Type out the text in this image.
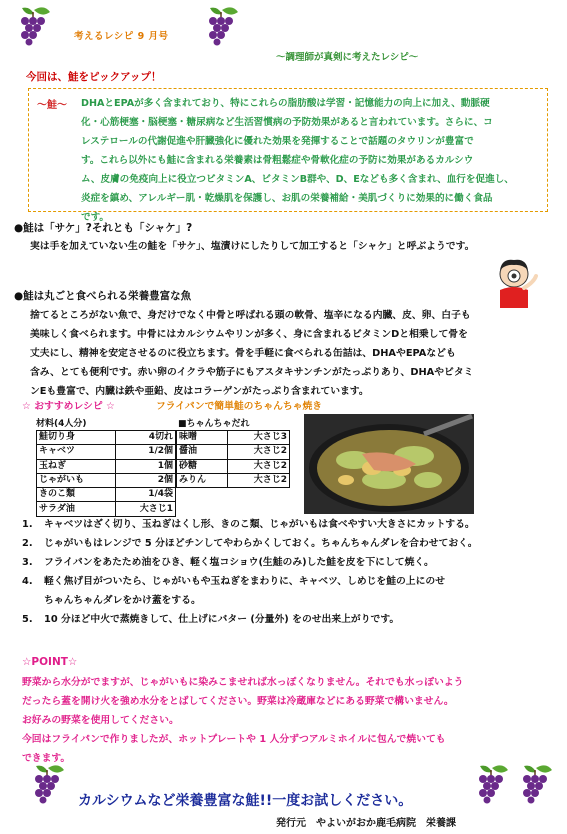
考えるレシピ 9 月号
～調理師が真剣に考えたレシピ～
今回は、鮭をピックアップ！
～鮭～ DHAとEPAが多く含まれており、特にこれらの脂肪酸は学習・記憶能力の向上に加え、動脈硬
化・心筋梗塞・脳梗塞・糖尿病など生活習慣病の予防効果があると言われています。さらに、コ
レステロールの代謝促進や肝臓強化に優れた効果を発揮することで話題のタウリンが豊富で
す。これら以外にも鮭に含まれる栄養素は骨粗鬆症や骨軟化症の予防に効果があるカルシウ
ム、皮膚の免疫向上に役立つビタミンA、ビタミンB群や、D、Eなども多く含まれ、血行を促進し、
炎症を鎮め、アレルギー肌・乾燥肌を保護し、お肌の栄養補給・美肌づくりに効果的に働く食品
です。
●鮭は「サケ」?それとも「シャケ」?
実は手を加えていない生の鮭を「サケ」、塩漬けにしたりして加工すると「シャケ」と呼ぶようです。
●鮭は丸ごと食べられる栄養豊富な魚
捨てるところがない魚で、身だけでなく中骨と呼ばれる頭の軟骨、塩辛になる内臓、皮、卵、白子も
美味しく食べられます。中骨にはカルシウムやリンが多く、身に含まれるビタミンDと相乗して骨を
丈夫にし、精神を安定させるのに役立ちます。骨を手軽に食べられる缶詰は、DHAやEPAなども
含み、とても便利です。赤い卵のイクラや筋子にもアスタキサンチンがたっぷりあり、DHAやビタミ
ンEも豊富で、内臓は鉄や亜鉛、皮はコラーゲンがたっぷり含まれています。
☆ おすすめレシピ ☆	フライパンで簡単鮭のちゃんちゃ焼き
材料(4人分)	■ちゃんちゃだれ
鮭切り身	4切れ
キャベツ	1/2個
玉ねぎ	1個
じゃがいも	2個
きのこ類	1/4袋
サラダ油	大さじ1
味噌	大さじ3
醤油	大さじ2
砂糖	大さじ2
みりん	大さじ2
1. キャベツはざく切り、玉ねぎはくし形、きのこ類、じゃがいもは食べやすい大きさにカットする。
2. じゃがいもはレンジで 5 分ほどチンしてやわらかくしておく。ちゃんちゃんダレを合わせておく。
3. フライパンをあたため油をひき、軽く塩コショウ(生鮭のみ)した鮭を皮を下にして焼く。
4. 軽く焦げ目がついたら、じゃがいもや玉ねぎをまわりに、キャベツ、しめじを鮭の上にのせ
ちゃんちゃんダレをかけ蓋をする。
5. 10 分ほど中火で蒸焼きして、仕上げにバター (分量外) をのせ出来上がりです。
☆POINT☆
野菜から水分がでますが、じゃがいもに染みこませれば水っぽくなりません。それでも水っぽいよう
だったら蓋を開け火を強め水分をとばしてください。野菜は冷蔵庫などにある野菜で構いません。
お好みの野菜を使用してください。
今回はフライパンで作りましたが、ホットプレートや 1 人分ずつアルミホイルに包んで焼いても
できます。
カルシウムなど栄養豊富な鮭!!一度お試しください。
発行元　やよいがおか鹿毛病院　栄養課
